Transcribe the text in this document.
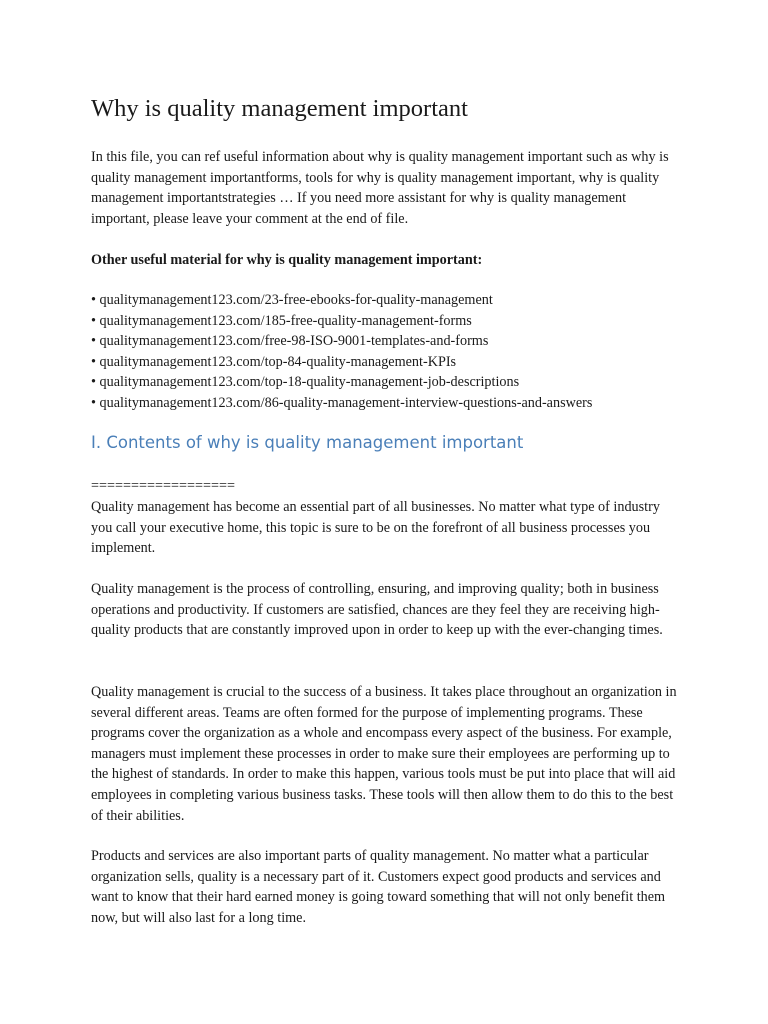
Why is quality management important

In this file, you can ref useful information about why is quality management important such as why is quality management importantforms, tools for why is quality management important, why is quality management importantstrategies … If you need more assistant for why is quality management important, please leave your comment at the end of file.

Other useful material for why is quality management important:

• qualitymanagement123.com/23-free-ebooks-for-quality-management
• qualitymanagement123.com/185-free-quality-management-forms
• qualitymanagement123.com/free-98-ISO-9001-templates-and-forms
• qualitymanagement123.com/top-84-quality-management-KPIs
• qualitymanagement123.com/top-18-quality-management-job-descriptions
• qualitymanagement123.com/86-quality-management-interview-questions-and-answers
I. Contents of why is quality management important

==================

Quality management has become an essential part of all businesses. No matter what type of industry you call your executive home, this topic is sure to be on the forefront of all business processes you implement.

Quality management is the process of controlling, ensuring, and improving quality; both in business operations and productivity. If customers are satisfied, chances are they feel they are receiving high-quality products that are constantly improved upon in order to keep up with the ever-changing times.

Quality management is crucial to the success of a business. It takes place throughout an organization in several different areas. Teams are often formed for the purpose of implementing programs. These programs cover the organization as a whole and encompass every aspect of the business. For example, managers must implement these processes in order to make sure their employees are performing up to the highest of standards. In order to make this happen, various tools must be put into place that will aid employees in completing various business tasks. These tools will then allow them to do this to the best of their abilities.

Products and services are also important parts of quality management. No matter what a particular organization sells, quality is a necessary part of it. Customers expect good products and services and want to know that their hard earned money is going toward something that will not only benefit them now, but will also last for a long time.
